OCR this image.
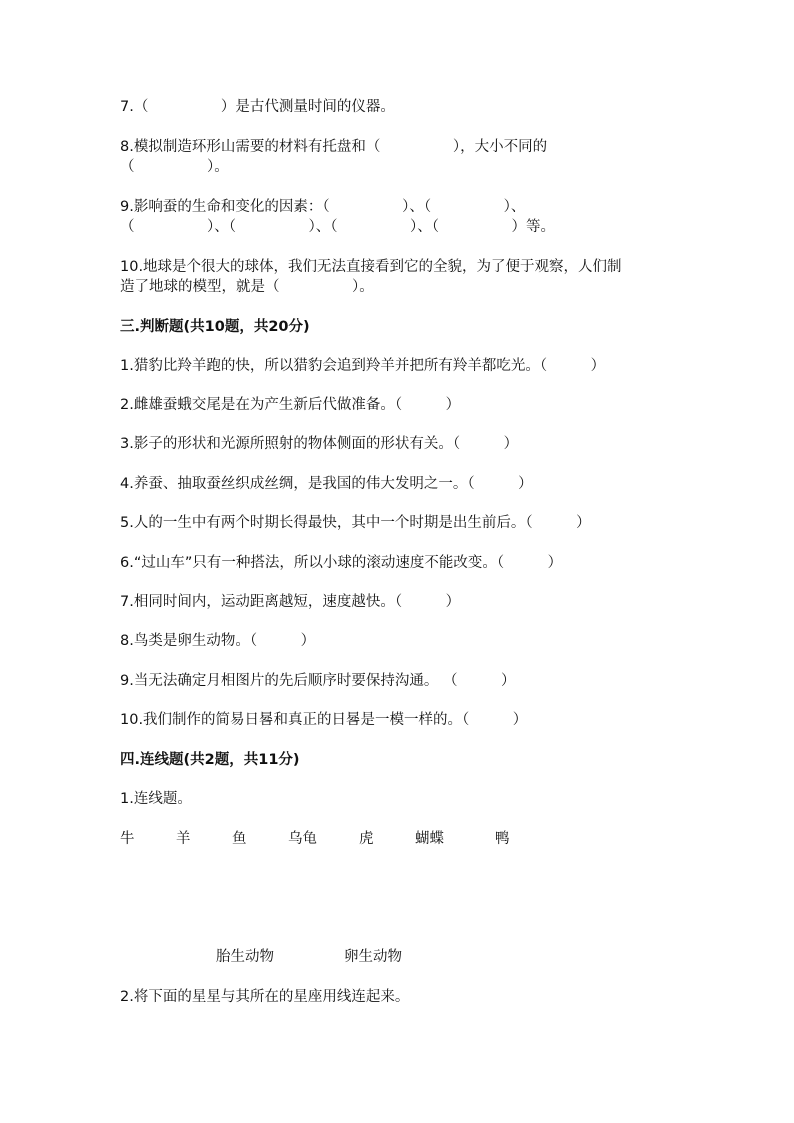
7.（　　　　　）是古代测量时间的仪器。

8.模拟制造环形山需要的材料有托盘和（　　　　　），大小不同的

（　　　　　）。

9.影响蚕的生命和变化的因素：（　　　　　）、（　　　　　）、

（　　　　　）、（　　　　　）、（　　　　　）、（　　　　　）等。

10.地球是个很大的球体，我们无法直接看到它的全貌，为了便于观察，人们制

造了地球的模型，就是（　　　　　）。

三.判断题(共10题，共20分)

1.猎豹比羚羊跑的快，所以猎豹会追到羚羊并把所有羚羊都吃光。（　　　）

2.雌雄蚕蛾交尾是在为产生新后代做准备。（　　　）

3.影子的形状和光源所照射的物体侧面的形状有关。（　　　）

4.养蚕、抽取蚕丝织成丝绸，是我国的伟大发明之一。（　　　）

5.人的一生中有两个时期长得最快，其中一个时期是出生前后。（　　　）

6.“过山车”只有一种搭法，所以小球的滚动速度不能改变。（　　　）

7.相同时间内，运动距离越短，速度越快。（　　　）

8.鸟类是卵生动物。（　　　）

9.当无法确定月相图片的先后顺序时要保持沟通。 （　　　）

10.我们制作的简易日晷和真正的日晷是一模一样的。（　　　）

四.连线题(共2题，共11分)

1.连线题。

牛	羊	鱼	乌龟	虎	蝴蝶	鸭
胎生动物	卵生动物

2.将下面的星星与其所在的星座用线连起来。
